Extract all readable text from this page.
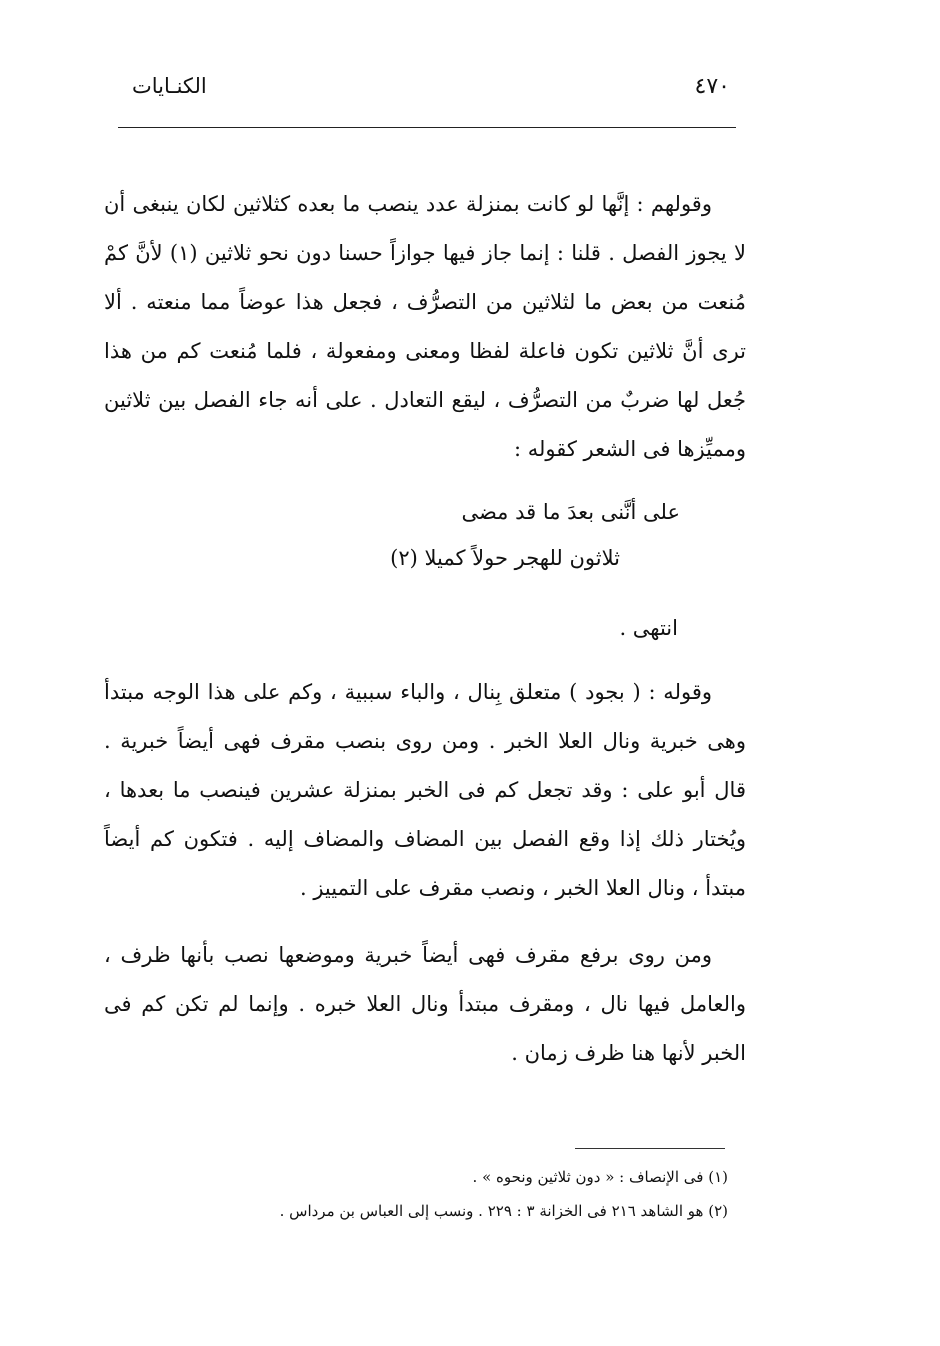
٤٧٠
الكنـايات

وقولهم : إنَّها لو كانت بمنزلة عدد ينصب ما بعده كثلاثين لكان ينبغى أن لا يجوز الفصل . قلنا : إنما جاز فيها جوازاً حسنا دون نحو ثلاثين (١) لأنَّ كمْ مُنعت من بعض ما لثلاثين من التصرُّف ، فجعل هذا عوضاً مما منعته . ألا ترى أنَّ ثلاثين تكون فاعلة لفظا ومعنى ومفعولة ، فلما مُنعت كم من هذا جُعل لها ضربٌ من التصرُّف ، ليقع التعادل . على أنه جاء الفصل بين ثلاثين ومميِّزها فى الشعر كقوله :

على أنَّنى بعدَ ما قد مضى
ثلاثون للهجر حولاً كميلا (٢)
انتهى .

وقوله : ( بجود ) متعلق بِنال ، والباء سببية ، وكم على هذا الوجه مبتدأ وهى خبرية ونال العلا الخبر . ومن روى بنصب مقرف فهى أيضاً خبرية . قال أبو على : وقد تجعل كم فى الخبر بمنزلة عشرين فينصب ما بعدها ، ويُختار ذلك إذا وقع الفصل بين المضاف والمضاف إليه . فتكون كم أيضاً مبتدأ ، ونال العلا الخبر ، ونصب مقرف على التمييز .

ومن روى برفع مقرف فهى أيضاً خبرية وموضعها نصب بأنها ظرف ، والعامل فيها نال ، ومقرف مبتدأ ونال العلا خبره . وإنما لم تكن كم فى الخبر لأنها هنا ظرف زمان .

(١) فى الإنصاف : « دون ثلاثين ونحوه » .

(٢) هو الشاهد ٢١٦ فى الخزانة ٣ : ٢٢٩ . ونسب إلى العباس بن مرداس .
